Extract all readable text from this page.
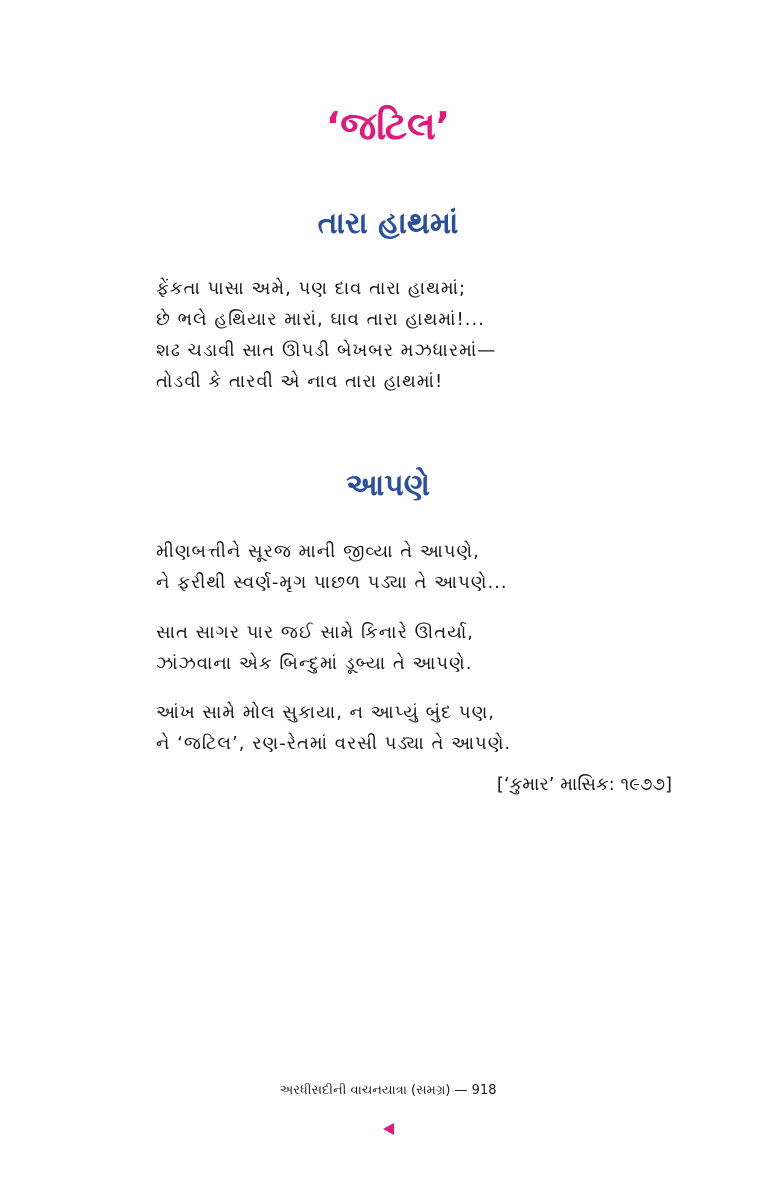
‘જટિલ’
તારા હાથમાં
ફેંકતા પાસા અમે, પણ દાવ તારા હાથમાં;
છે ભલે હથિયાર મારાં, ઘાવ તારા હાથમાં!...
શઢ ચડાવી સાત ઊપડી બેખબર મઝધારમાં—
તોડવી કે તારવી એ નાવ તારા હાથમાં!
આપણે
મીણબત્તીને સૂરજ માની જીવ્યા તે આપણે,
ને ફરીથી સ્વર્ણ-મૃગ પાછળ પડ્યા તે આપણે...
સાત સાગર પાર જઈ સામે કિનારે ઊતર્યા,
ઝાંઝવાના એક બિન્દુમાં ડૂબ્યા તે આપણે.
આંખ સામે મોલ સુકાયા, ન આપ્યું બુંદ પણ,
ને ‘જટિલ’, રણ-રેતમાં વરસી પડ્યા તે આપણે.
[‘કુમાર’ માસિક: ૧૯૭૭]
અરધીસદીની વાચનયાત્રા (સમગ્ર) — 918
